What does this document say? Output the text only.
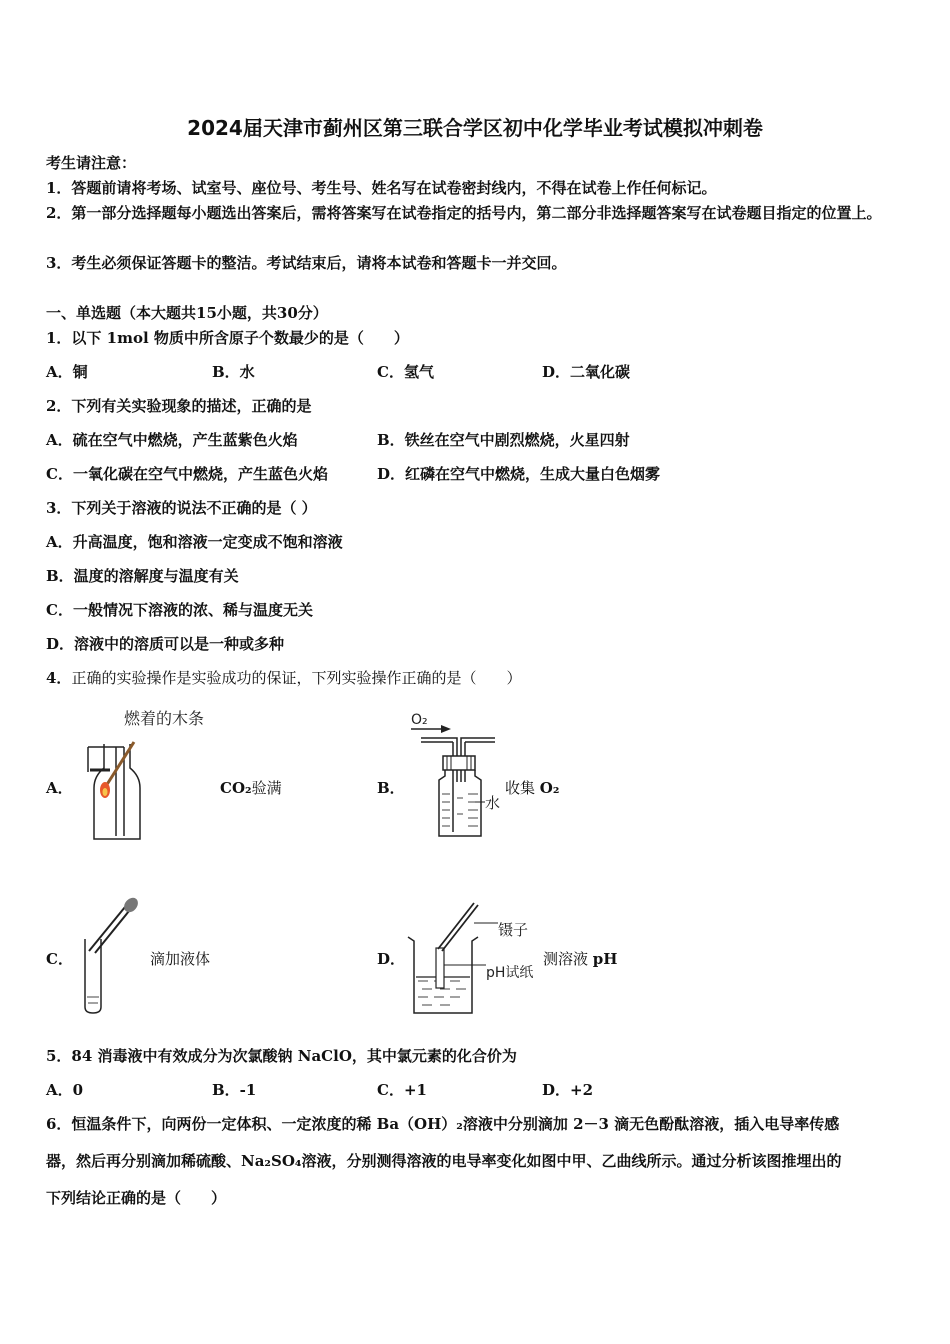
2024届天津市蓟州区第三联合学区初中化学毕业考试模拟冲刺卷
考生请注意：
1．答题前请将考场、试室号、座位号、考生号、姓名写在试卷密封线内，不得在试卷上作任何标记。
2．第一部分选择题每小题选出答案后，需将答案写在试卷指定的括号内，第二部分非选择题答案写在试卷题目指定的位置上。
3．考生必须保证答题卡的整洁。考试结束后，请将本试卷和答题卡一并交回。
一、单选题（本大题共15小题，共30分）
1．以下 1mol 物质中所含原子个数最少的是（　　）
A．铜	B．水	C．氢气	D．二氧化碳
2．下列有关实验现象的描述，正确的是
A．硫在空气中燃烧，产生蓝紫色火焰	B．铁丝在空气中剧烈燃烧，火星四射
C．一氧化碳在空气中燃烧，产生蓝色火焰	D．红磷在空气中燃烧，生成大量白色烟雾
3．下列关于溶液的说法不正确的是（ ）
A．升高温度，饱和溶液一定变成不饱和溶液
B．温度的溶解度与温度有关
C．一般情况下溶液的浓、稀与温度无关
D．溶液中的溶质可以是一种或多种
4．正确的实验操作是实验成功的保证，下列实验操作正确的是（　　）
A．
燃着的木条
CO₂验满	B．
O₂
水
收集 O₂
C．	滴加液体	D．
镊子
pH试纸
测溶液 pH
5．84 消毒液中有效成分为次氯酸钠 NaClO，其中氯元素的化合价为
A．0	B．-1	C．+1	D．+2
6．恒温条件下，向两份一定体积、一定浓度的稀 Ba（OH）₂溶液中分别滴加 2－3 滴无色酚酞溶液，插入电导率传感
器，然后再分别滴加稀硫酸、Na₂SO₄溶液，分别测得溶液的电导率变化如图中甲、乙曲线所示。通过分析该图推埋出的
下列结论正确的是（　　）
